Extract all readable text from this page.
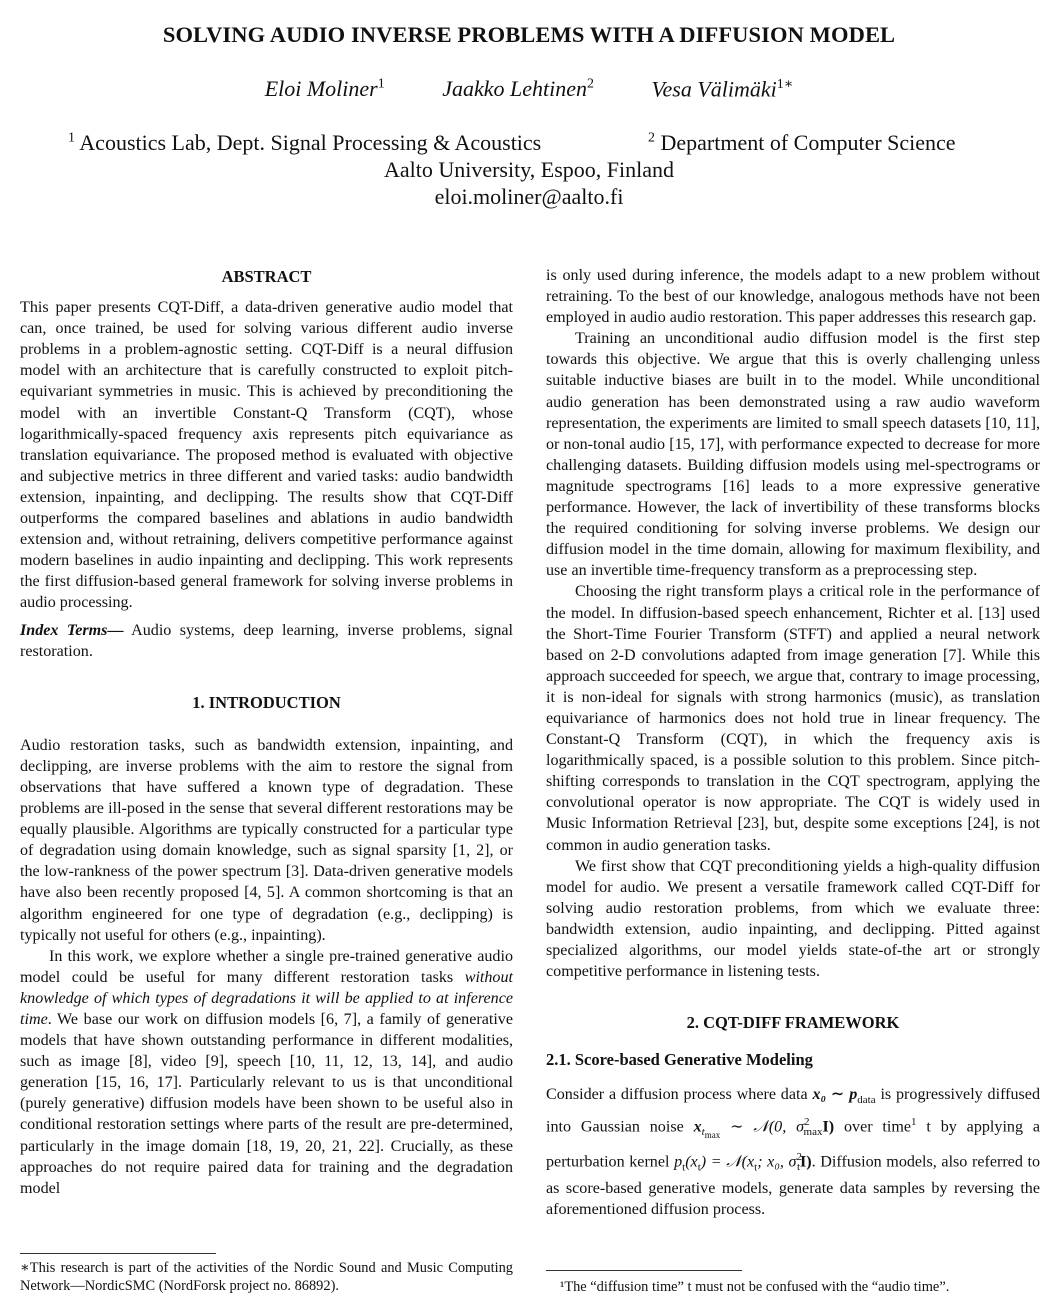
SOLVING AUDIO INVERSE PROBLEMS WITH A DIFFUSION MODEL
Eloi Moliner$^1$	Jaakko Lehtinen$^2$	Vesa Välimäki$^{1∗}$
$^1$ Acoustics Lab, Dept. Signal Processing & Acoustics	$^2$ Department of Computer Science
Aalto University, Espoo, Finland
eloi.moliner@aalto.fi

ABSTRACT

This paper presents CQT-Diff, a data-driven generative audio model that can, once trained, be used for solving various different audio inverse problems in a problem-agnostic setting. CQT-Diff is a neural diffusion model with an architecture that is carefully constructed to exploit pitch-equivariant symmetries in music. This is achieved by preconditioning the model with an invertible Constant-Q Transform (CQT), whose logarithmically-spaced frequency axis represents pitch equivariance as translation equivariance. The proposed method is evaluated with objective and subjective metrics in three different and varied tasks: audio bandwidth extension, inpainting, and declipping. The results show that CQT-Diff outperforms the compared baselines and ablations in audio bandwidth extension and, without retraining, delivers competitive performance against modern baselines in audio inpainting and declipping. This work represents the first diffusion-based general framework for solving inverse problems in audio processing.

Index Terms— Audio systems, deep learning, inverse problems, signal restoration.

1. INTRODUCTION

Audio restoration tasks, such as bandwidth extension, inpainting, and declipping, are inverse problems with the aim to restore the signal from observations that have suffered a known type of degradation. These problems are ill-posed in the sense that several different restorations may be equally plausible. Algorithms are typically constructed for a particular type of degradation using domain knowledge, such as signal sparsity [1, 2], or the low-rankness of the power spectrum [3]. Data-driven generative models have also been recently proposed [4, 5]. A common shortcoming is that an algorithm engineered for one type of degradation (e.g., declipping) is typically not useful for others (e.g., inpainting).

In this work, we explore whether a single pre-trained generative audio model could be useful for many different restoration tasks without knowledge of which types of degradations it will be applied to at inference time. We base our work on diffusion models [6, 7], a family of generative models that have shown outstanding performance in different modalities, such as image [8], video [9], speech [10, 11, 12, 13, 14], and audio generation [15, 16, 17]. Particularly relevant to us is that unconditional (purely generative) diffusion models have been shown to be useful also in conditional restoration settings where parts of the result are pre-determined, particularly in the image domain [18, 19, 20, 21, 22]. Crucially, as these approaches do not require paired data for training and the degradation model

∗This research is part of the activities of the Nordic Sound and Music Computing Network—NordicSMC (NordForsk project no. 86892).

is only used during inference, the models adapt to a new problem without retraining. To the best of our knowledge, analogous methods have not been employed in audio audio restoration. This paper addresses this research gap.

Training an unconditional audio diffusion model is the first step towards this objective. We argue that this is overly challenging unless suitable inductive biases are built in to the model. While unconditional audio generation has been demonstrated using a raw audio waveform representation, the experiments are limited to small speech datasets [10, 11], or non-tonal audio [15, 17], with performance expected to decrease for more challenging datasets. Building diffusion models using mel-spectrograms or magnitude spectrograms [16] leads to a more expressive generative performance. However, the lack of invertibility of these transforms blocks the required conditioning for solving inverse problems. We design our diffusion model in the time domain, allowing for maximum flexibility, and use an invertible time-frequency transform as a preprocessing step.

Choosing the right transform plays a critical role in the performance of the model. In diffusion-based speech enhancement, Richter et al. [13] used the Short-Time Fourier Transform (STFT) and applied a neural network based on 2-D convolutions adapted from image generation [7]. While this approach succeeded for speech, we argue that, contrary to image processing, it is non-ideal for signals with strong harmonics (music), as translation equivariance of harmonics does not hold true in linear frequency. The Constant-Q Transform (CQT), in which the frequency axis is logarithmically spaced, is a possible solution to this problem. Since pitch-shifting corresponds to translation in the CQT spectrogram, applying the convolutional operator is now appropriate. The CQT is widely used in Music Information Retrieval [23], but, despite some exceptions [24], is not common in audio generation tasks.

We first show that CQT preconditioning yields a high-quality diffusion model for audio. We present a versatile framework called CQT-Diff for solving audio restoration problems, from which we evaluate three: bandwidth extension, audio inpainting, and declipping. Pitted against specialized algorithms, our model yields state-of-the art or strongly competitive performance in listening tests.

2. CQT-DIFF FRAMEWORK

2.1. Score-based Generative Modeling

Consider a diffusion process where data x₀ ∼ $p_{data}$ is progressively diffused into Gaussian noise $x_{t_{max}}$ ∼ 𝒩(0, $\sigma^2_{max}I$) over time$^1$ t by applying a perturbation kernel $p_t(x_t)$ = $𝒩(x_t$; x₀, $\sigma^2_tI$). Diffusion models, also referred to as score-based generative models, generate data samples by reversing the aforementioned diffusion process.

¹The “diffusion time” t must not be confused with the “audio time”.
